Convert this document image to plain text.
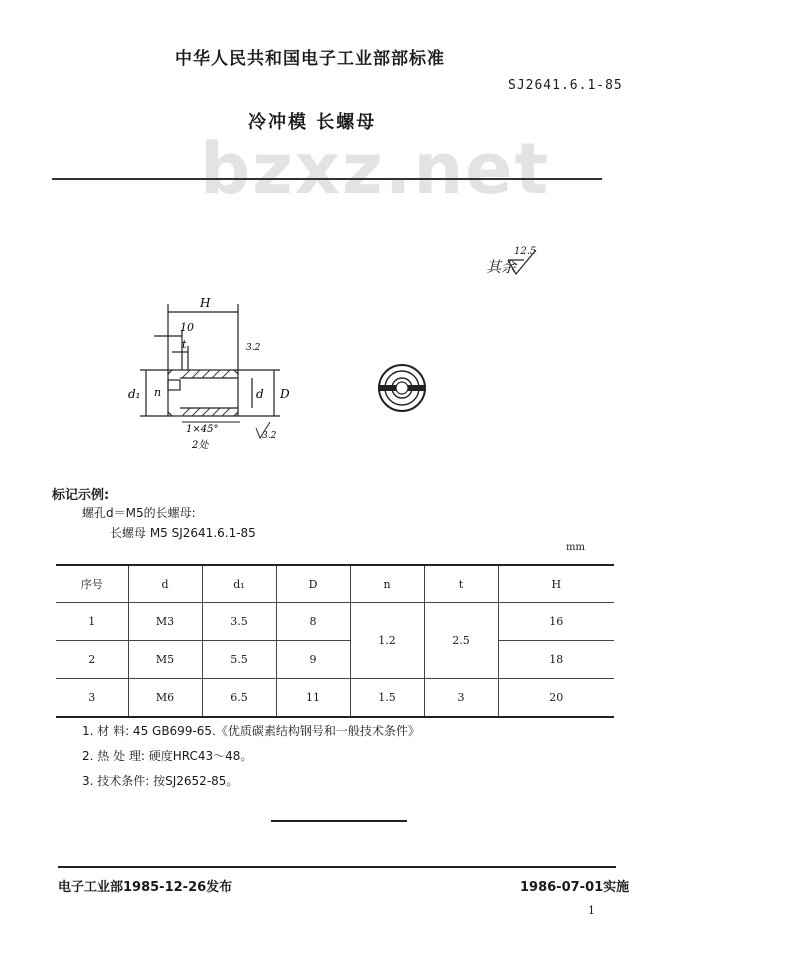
中华人民共和国电子工业部部标准
SJ2641.6.1-85
冷冲模 长螺母
bzxz.net
其余
12.5
H
10
t
d₁ n	d D
3.2
1×45°
2处
3.2
标记示例:
螺孔d＝M5的长螺母:
长螺母 M5 SJ2641.6.1-85
mm
序号	d	d₁	D	n	t	H
1	M3	3.5	8	1.2	2.5	16
2	M5	5.5	9			18
3	M6	6.5	11	1.5	3	20
1. 材 料: 45 GB699-65.《优质碳素结构钢号和一般技术条件》
2. 热 处 理: 硬度HRC43～48。
3. 技术条件: 按SJ2652-85。
电子工业部1985-12-26发布	1986-07-01实施
1
